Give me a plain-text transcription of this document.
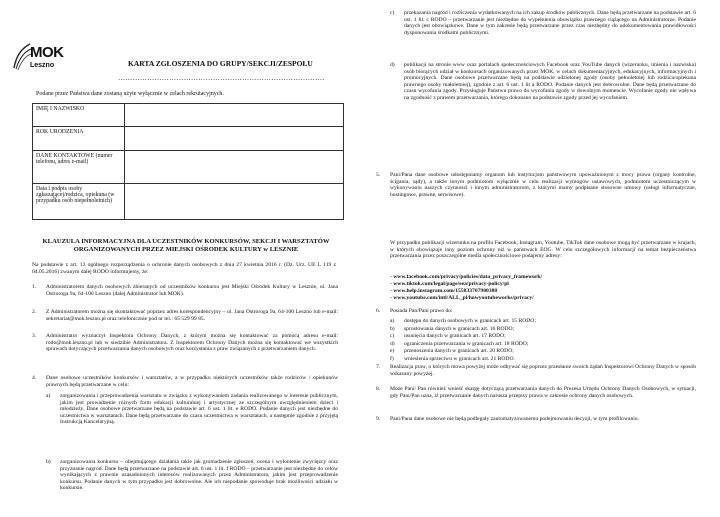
MOK
Leszno	KARTA ZGŁOSZENIA DO GRUPY/SEKCJI/ZESPOŁU
………………………………………………………………………….
Podane przez Państwa dane zostaną użyte wyłącznie w celach rekrutacyjnych.
IMIĘ I NAZWISKO	
ROK URODZENIA	
DANE KONTAKTOWE (numer telefonu, adres e-mail)	
Data i podpis osoby zgłaszającej/rodzica, opiekuna (w przypadku osób niepełnoletnich)	
KLAUZULA INFORMACYJNA DLA UCZESTNIKÓW KONKURSÓW, SEKCJI I WARSZTATÓW ORGANIZOWANYCH PRZEZ MIEJSKI OŚRODEK KULTURY w LESZNIE

Na podstawie z art. 13 ogólnego rozporządzenia o ochronie danych osobowych z dnia 27 kwietnia 2016 r. (Dz. Urz. UE L 119 z 04.05.2016) zwanym dalej RODO informujemy, że:

1. Administratorem danych osobowych zbieranych od uczestników konkursu jest Miejski Ośrodek Kultury w Lesznie, ul. Jana Ostroroga 9a, 64-100 Leszno (dalej Administrator lub MOK).

2. Z Administratorem można się skontaktować poprzez adres korespondencyjny – ul. Jana Ostroroga 9a, 64-100 Leszno lub e-mail: sekretariat@mok.leszno.pl oraz telefonicznie pod nr tel.: 65 529 99 85.

3. Administrator wyznaczył Inspektora Ochrony Danych, z którym można się kontaktować za pomocą adresu e-mail: rodo@mok.leszno.pl lub w siedzibie Administratora. Z Inspektorem Ochrony Danych można się kontaktować we wszystkich sprawach dotyczących przetwarzania danych osobowych oraz korzystania z praw związanych z przetwarzaniem danych.

4. Dane osobowe uczestników konkursów i warsztatów, a w przypadku niektórych uczestników także rodziców / opiekunów prawnych będą przetwarzane w celu:

a) zorganizowania i przeprowadzenia warsztatu w związku z wykonywaniem zadania realizowanego w interesie publicznym, jakim jest prowadzenie różnych form edukacji kulturalnej i artystycznej ze szczególnym uwzględnieniem dzieci i młodzieży. Dane osobowe przetwarzane będą na podstawie art. 6 ust. 1 lit. e RODO. Podanie danych jest niezbędne do uczestnictwa w warsztatach. Dane będą przetwarzane do czasu uczestnictwa w warsztatach, a następnie zgodnie z przyjętą Instrukcją Kancelaryjną.

b) zorganizowania konkursu – obejmującego działania takie jak gromadzenie zgłoszeń, ocena i wyłonienie zwycięzcy oraz przyznanie nagród. Dane będą przetwarzane na podstawie art. 6 ust. 1 lit. f RODO – przetwarzanie jest niezbędne do celów wynikających z prawnie uzasadnionych interesów realizowanych przez Administratora, jakim jest przeprowadzenie konkursu. Podanie danych w tym przypadku jest dobrowolne. Ale ich niepodanie spowoduje brak możliwości udziału w konkursie.

c) przekazania nagród i rozliczenia wydatkowanych na ich zakup środków publicznych. Dane będą przetwarzane na podstawie art. 6 ust. 1 lit. c RODO – przetwarzanie jest niezbędne do wypełnienia obowiązku prawnego ciążącego na Administratorze. Podanie danych jest obowiązkowe. Dane w tym zakresie będą przetwarzane przez czas niezbędny do udokumentowania prawidłowości dysponowania środkami publicznymi.

d) publikacji na stronie www oraz portalach społecznościowych Facebook oraz YouTube danych (wizerunku, imienia i nazwiska) osób biorących udział w konkursach organizowanych przez MOK, w celach dokumentacyjnych, edukacyjnych, informacyjnych i promocyjnych. Dane osobowe przetwarzane będą na podstawie udzielonej zgody (osoby pełnoletniej lub rodzica/opiekuna prawnego osoby małoletniej), zgodnie z art. 6 ust. 1 lit a RODO. Podanie danych jest dobrowolne. Dane będą przetwarzane do czasu wycofania zgody. Przysługuje Państwu prawo do wycofania zgody w dowolnym momencie. Wycofanie zgody nie wpływa na zgodność z prawem przetwarzania, którego dokonano na podstawie zgody przed jej wycofaniem.

5. Pani/Pana dane osobowe udostępniamy organom lub instytucjom państwowym upoważnionym z mocy prawa (organy kontrolne, ścigania, sądy), a także innym podmiotom wyłącznie w celu realizacji wymogów ustawowych, podmiotom uczestniczącym w wykonywaniu naszych czynności i innym administratorom, z którymi mamy podpisane stosowne umowy (usługi informatyczne, hostingowe, prawne, serwisowe).

W przypadku publikacji wizerunku na profilu Facebook, Instagram, Youtube, TikTok dane osobowe mogą być przetwarzane w krajach, w których obowiązuje inny poziom ochrony niż w państwach EOG. W celu szczegółowych informacji na temat bezpieczeństwa przetwarzania przez poszczególne media społecznościowe podajemy adresy:

- www.facebook.com/privacy/policies/data_privacy_framework/

- www.tiktok.com/legal/page/eea/privacy-policy/pl

- www.help.instagram.com/155833707900388

- www.youtube.com/intl/ALL_pl/howyoutubeworks/privacy/

6. Posiada Pan/Pani prawo do:

a) dostępu do danych osobowych w granicach art. 15 RODO;
b) sprostowania danych w granicach art. 16 RODO;
c) usunięcia danych w granicach art. 17 RODO;
d) ograniczenia przetwarzania w granicach art. 18 RODO;
e) przenoszenia danych w granicach art. 20 RODO;
f) wniesienia sprzeciwu w granicach art. 21 RODO.
7. Realizacja praw, o których mowa powyżej może odbywać się poprzez przesłanie swoich żądań Inspektorowi Ochrony Danych w sposób wskazany powyżej.

8. Może Pani/ Pan również wnieść skargę dotyczącą przetwarzania danych do Prezesa Urzędu Ochrony Danych Osobowych, w sytuacji, gdy Pani/Pan uzna, iż przetwarzanie danych narusza przepisy prawa w zakresie ochrony danych osobowych.

9. Pani/Pana dane osobowe nie będą podlegały zautomatyzowanemu podejmowaniu decyzji, w tym profilowaniu.
